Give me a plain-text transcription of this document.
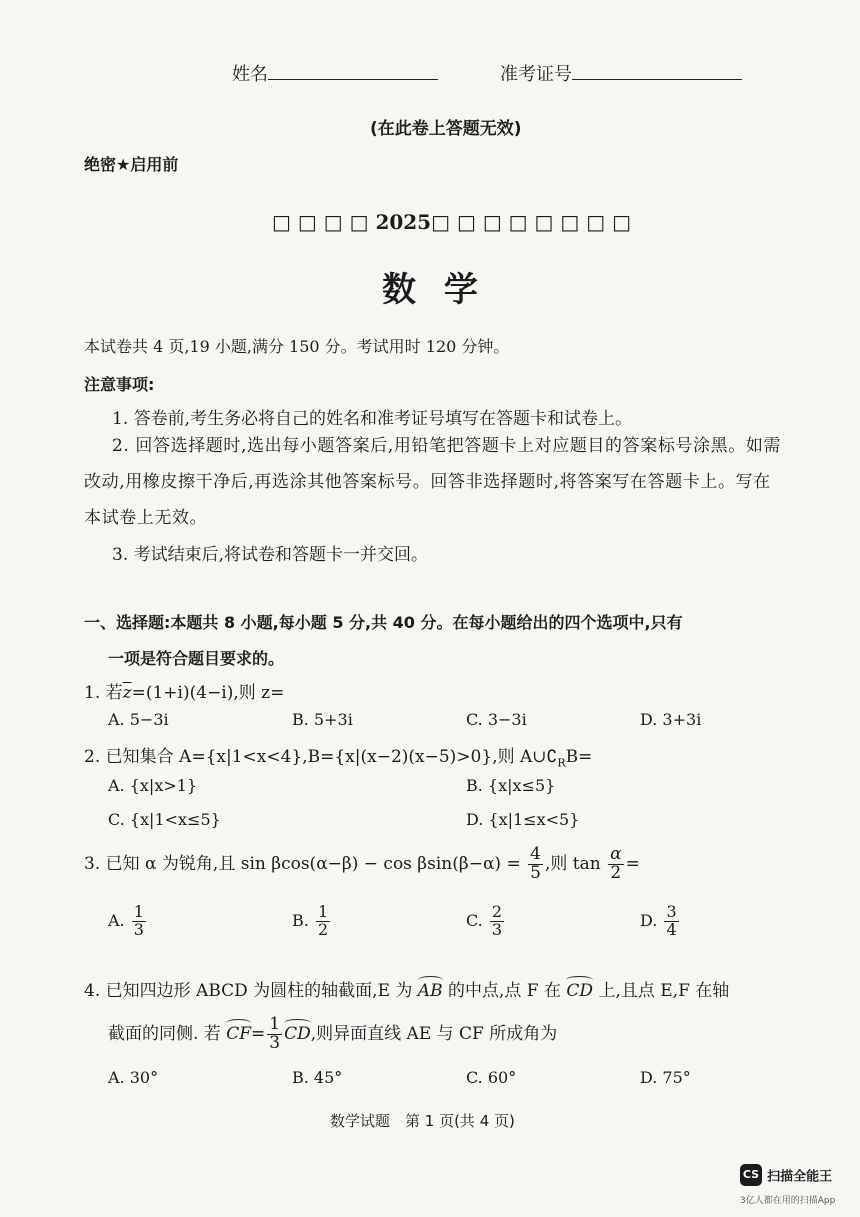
姓名	准考证号
(在此卷上答题无效)
绝密★启用前
□ □ □ □ 2025□ □ □ □ □ □ □ □
数 学
本试卷共 4 页,19 小题,满分 150 分。考试用时 120 分钟。
注意事项:
1. 答卷前,考生务必将自己的姓名和准考证号填写在答题卡和试卷上。
2. 回答选择题时,选出每小题答案后,用铅笔把答题卡上对应题目的答案标号涂黑。如需改动,用橡皮擦干净后,再选涂其他答案标号。回答非选择题时,将答案写在答题卡上。写在本试卷上无效。
3. 考试结束后,将试卷和答题卡一并交回。
一、选择题:本题共 8 小题,每小题 5 分,共 40 分。在每小题给出的四个选项中,只有
一项是符合题目要求的。
1. 若$\overline{z}=(1+i)(4-i)$,则 z=
A. 5−3i	B. 5+3i	C. 3−3i	D. 3+3i
2. 已知集合 A={x|1<x<4},B={x|(x−2)(x−5)>0},则 $A\cup∁_RB=$
A. {x|x>1}	B. {x|x≤5}
C. {x|1<x≤5}	D. {x|1≤x<5}
3. 已知 α 为锐角,且 $\sin \beta\cos(\alpha-\beta) - \cos \beta\sin(\beta-\alpha) = \frac{4}{5}$ ,则 $\tan \frac{\alpha}{2}$ =
A. $\frac{1}{3}$	B. $\frac{1}{2}$	C. $\frac{2}{3}$	D. $\frac{3}{4}$
4. 已知四边形 ABCD 为圆柱的轴截面,E 为 AB 的中点,点 F 在 CD 上,且点 E,F 在轴
截面的同侧. 若 $CF= \frac{1}{3}$ CD,则异面直线 AE 与 CF 所成角为
A. 30°	B. 45°	C. 60°	D. 75°
数学试题　第 1 页(共 4 页)
CS 扫描全能王
3亿人都在用的扫描App
